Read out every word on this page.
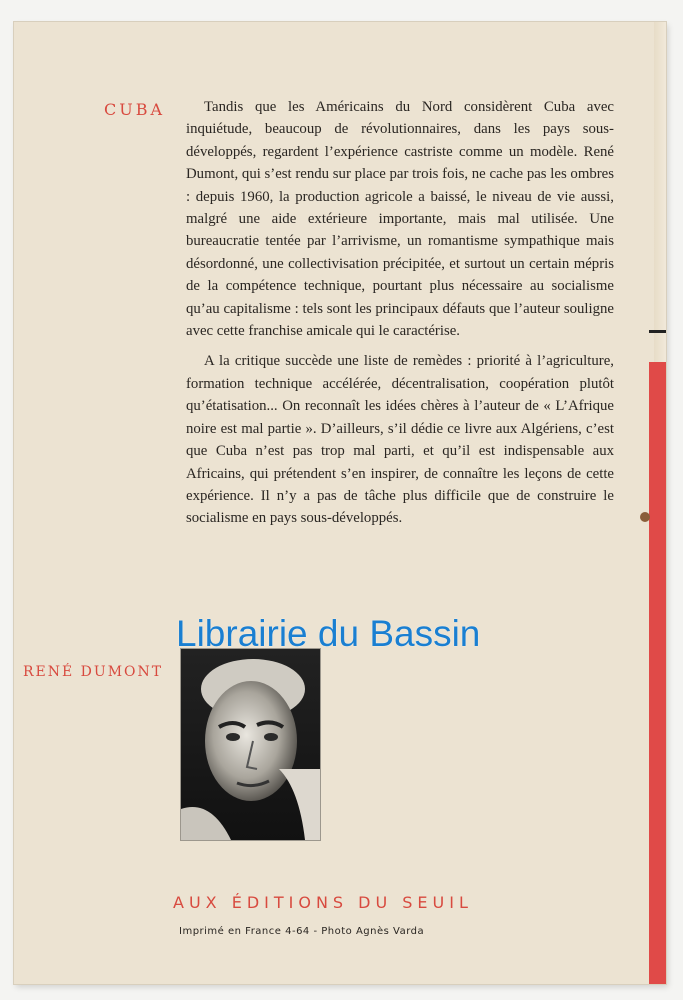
CUBA	Tandis que les Américains du Nord considèrent Cuba avec inquiétude, beaucoup de révolutionnaires, dans les pays sous-développés, regardent l’expérience castriste comme un modèle. René Dumont, qui s’est rendu sur place par trois fois, ne cache pas les ombres : depuis 1960, la production agricole a baissé, le niveau de vie aussi, malgré une aide extérieure importante, mais mal utilisée. Une bureaucratie tentée par l’arrivisme, un romantisme sympathique mais désordonné, une collectivisation précipitée, et surtout un certain mépris de la compétence technique, pourtant plus nécessaire au socialisme qu’au capitalisme : tels sont les principaux défauts que l’auteur souligne avec cette franchise amicale qui le caractérise.

A la critique succède une liste de remèdes : priorité à l’agriculture, formation technique accélérée, décentralisation, coopération plutôt qu’étatisation... On reconnaît les idées chères à l’auteur de « L’Afrique noire est mal partie ». D’ailleurs, s’il dédie ce livre aux Algériens, c’est que Cuba n’est pas trop mal parti, et qu’il est indispensable aux Africains, qui prétendent s’en inspirer, de connaître les leçons de cette expérience. Il n’y a pas de tâche plus difficile que de construire le socialisme en pays sous-développés.

RENÉ DUMONT
Librairie du Bassin
AUX ÉDITIONS DU SEUIL
Imprimé en France 4-64 - Photo Agnès Varda
